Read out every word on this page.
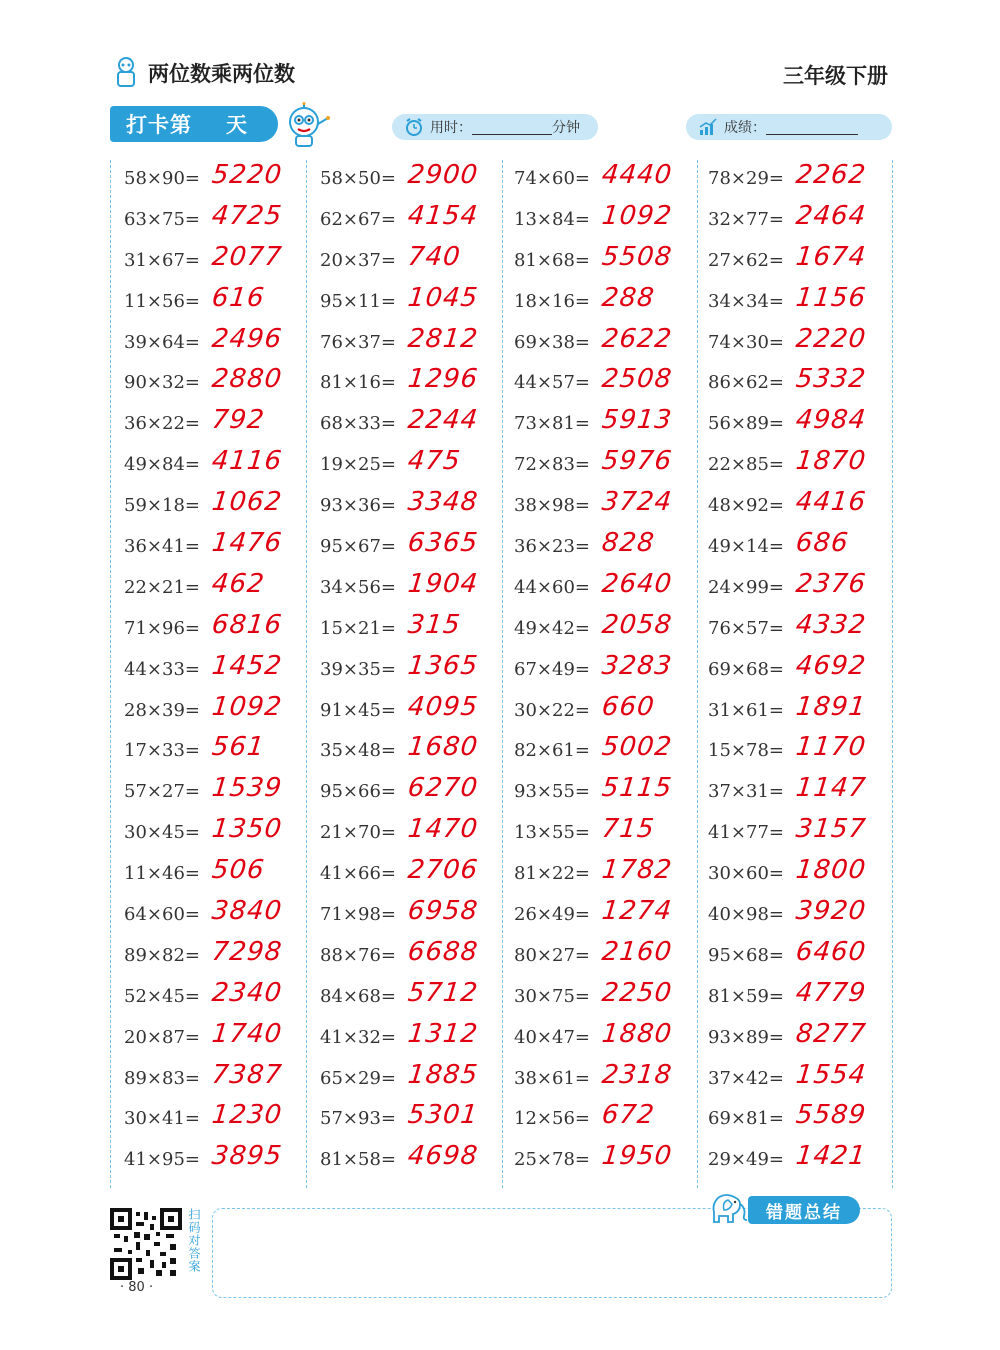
两位数乘两位数	三年级下册
打卡第 天	用时：	分钟	成绩：
58×90= 5220
63×75= 4725
31×67= 2077
11×56= 616
39×64= 2496
90×32= 2880
36×22= 792
49×84= 4116
59×18= 1062
36×41= 1476
22×21= 462
71×96= 6816
44×33= 1452
28×39= 1092
17×33= 561
57×27= 1539
30×45= 1350
11×46= 506
64×60= 3840
89×82= 7298
52×45= 2340
20×87= 1740
89×83= 7387
30×41= 1230
41×95= 3895
58×50= 2900
62×67= 4154
20×37= 740
95×11= 1045
76×37= 2812
81×16= 1296
68×33= 2244
19×25= 475
93×36= 3348
95×67= 6365
34×56= 1904
15×21= 315
39×35= 1365
91×45= 4095
35×48= 1680
95×66= 6270
21×70= 1470
41×66= 2706
71×98= 6958
88×76= 6688
84×68= 5712
41×32= 1312
65×29= 1885
57×93= 5301
81×58= 4698
74×60= 4440
13×84= 1092
81×68= 5508
18×16= 288
69×38= 2622
44×57= 2508
73×81= 5913
72×83= 5976
38×98= 3724
36×23= 828
44×60= 2640
49×42= 2058
67×49= 3283
30×22= 660
82×61= 5002
93×55= 5115
13×55= 715
81×22= 1782
26×49= 1274
80×27= 2160
30×75= 2250
40×47= 1880
38×61= 2318
12×56= 672
25×78= 1950
78×29= 2262
32×77= 2464
27×62= 1674
34×34= 1156
74×30= 2220
86×62= 5332
56×89= 4984
22×85= 1870
48×92= 4416
49×14= 686
24×99= 2376
76×57= 4332
69×68= 4692
31×61= 1891
15×78= 1170
37×31= 1147
41×77= 3157
30×60= 1800
40×98= 3920
95×68= 6460
81×59= 4779
93×89= 8277
37×42= 1554
69×81= 5589
29×49= 1421
扫码对答案
· 80 ·
错题总结
